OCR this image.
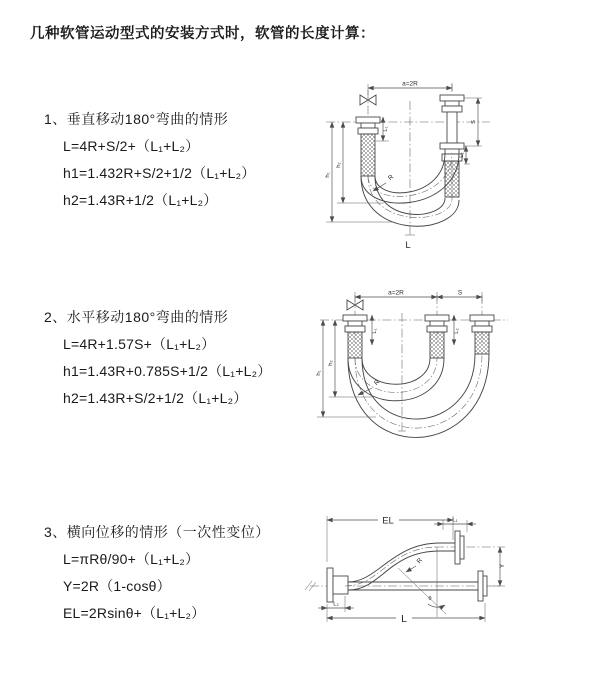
几种软管运动型式的安装方式时，软管的长度计算：
1、垂直移动180°弯曲的情形
L=4R+S/2+（L₁+L₂）
h1=1.432R+S/2+1/2（L₁+L₂）
h2=1.43R+1/2（L₁+L₂）
2、水平移动180°弯曲的情形
L=4R+1.57S+（L₁+L₂）
h1=1.43R+0.785S+1/2（L₁+L₂）
h2=1.43R+S/2+1/2（L₁+L₂）
3、横向位移的情形（一次性变位）
L=πRθ/90+（L₁+L₂）
Y=2R（1-cosθ）
EL=2Rsinθ+（L₁+L₂）
a=2R
h₁
h₂
S
L₂
L₁
R
L
a=2R	S
h₁
h₂
L₁	L₂
R
EL	L₁
θ
R
Y
L₂
L
